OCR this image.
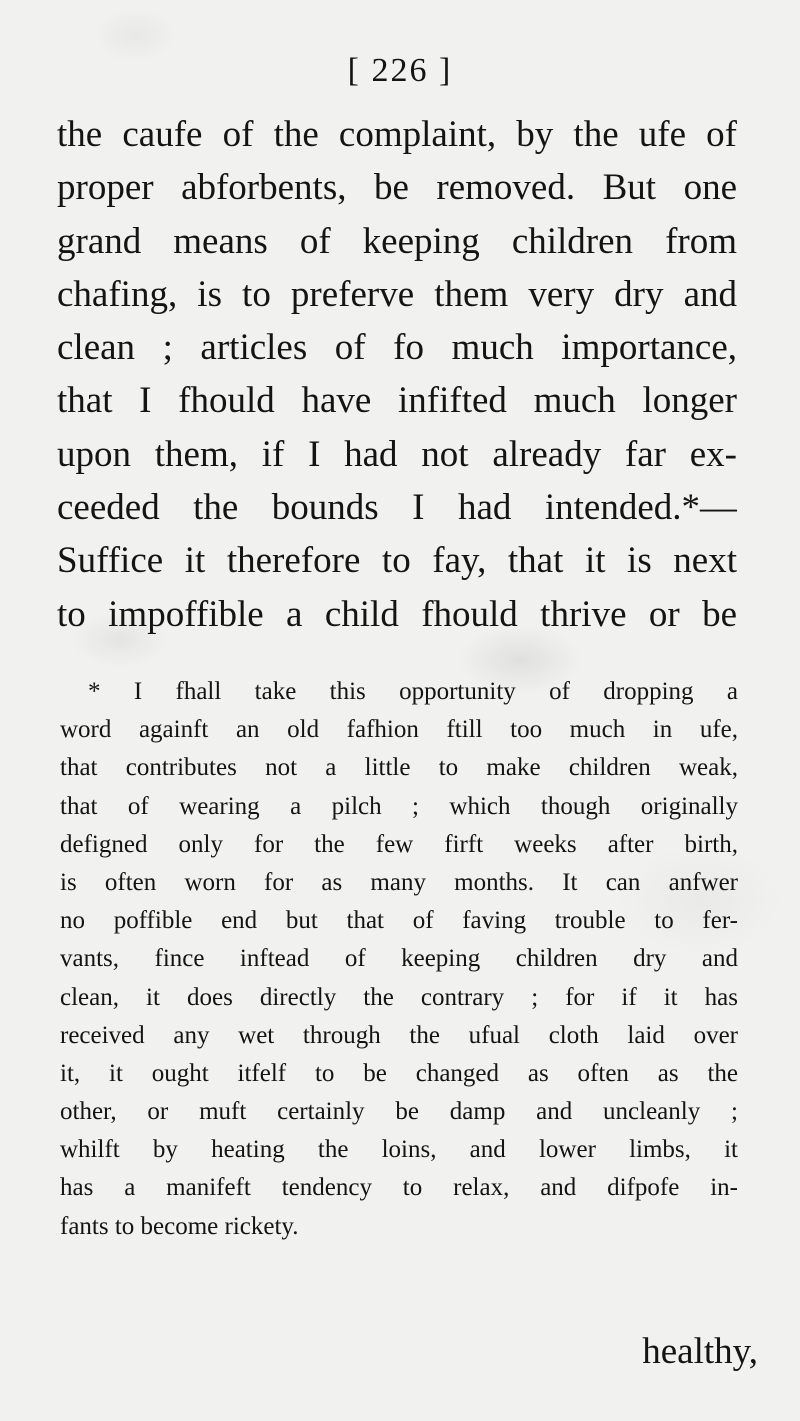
[ 226 ]
the caufe of the complaint, by the ufe of
proper abforbents, be removed. But one
grand means of keeping children from
chafing, is to preferve them very dry and
clean ; articles of fo much importance,
that I fhould have infifted much longer
upon them, if I had not already far ex-
ceeded the bounds I had intended.*—
Suffice it therefore to fay, that it is next
to impoffible a child fhould thrive or be
* I fhall take this opportunity of dropping a
word againft an old fafhion ftill too much in ufe,
that contributes not a little to make children weak,
that of wearing a pilch ; which though originally
defigned only for the few firft weeks after birth,
is often worn for as many months. It can anfwer
no poffible end but that of faving trouble to fer-
vants, fince inftead of keeping children dry and
clean, it does directly the contrary ; for if it has
received any wet through the ufual cloth laid over
it, it ought itfelf to be changed as often as the
other, or muft certainly be damp and uncleanly ;
whilft by heating the loins, and lower limbs, it
has a manifeft tendency to relax, and difpofe in-
fants to become rickety.
healthy,
